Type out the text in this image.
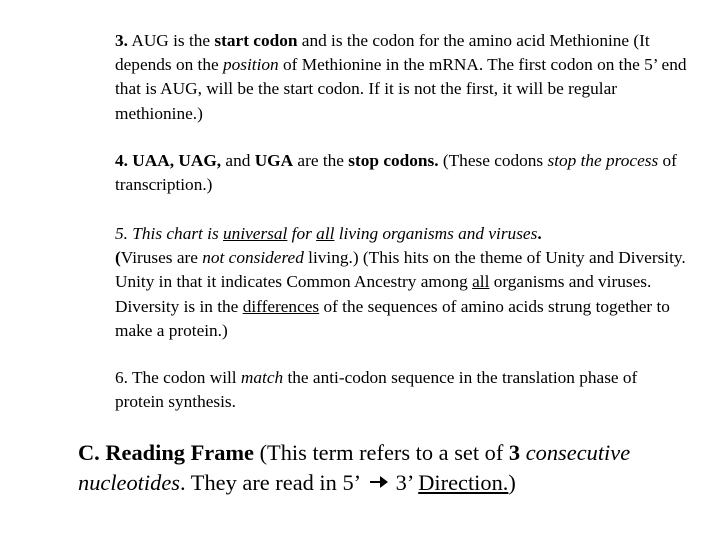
3. AUG is the start codon and is the codon for the amino acid Methionine (It depends on the position of Methionine in the mRNA. The first codon on the 5’ end that is AUG, will be the start codon. If it is not the first, it will be regular methionine.)

4. UAA, UAG, and UGA are the stop codons. (These codons stop the process of transcription.)

5. This chart is universal for all living organisms and viruses.
(Viruses are not considered living.) (This hits on the theme of Unity and Diversity. Unity in that it indicates Common Ancestry among all organisms and viruses. Diversity is in the differences of the sequences of amino acids strung together to make a protein.)

6. The codon will match the anti-codon sequence in the translation phase of protein synthesis.

C. Reading Frame (This term refers to a set of 3 consecutive nucleotides. They are read in 5’
3’ Direction.)
